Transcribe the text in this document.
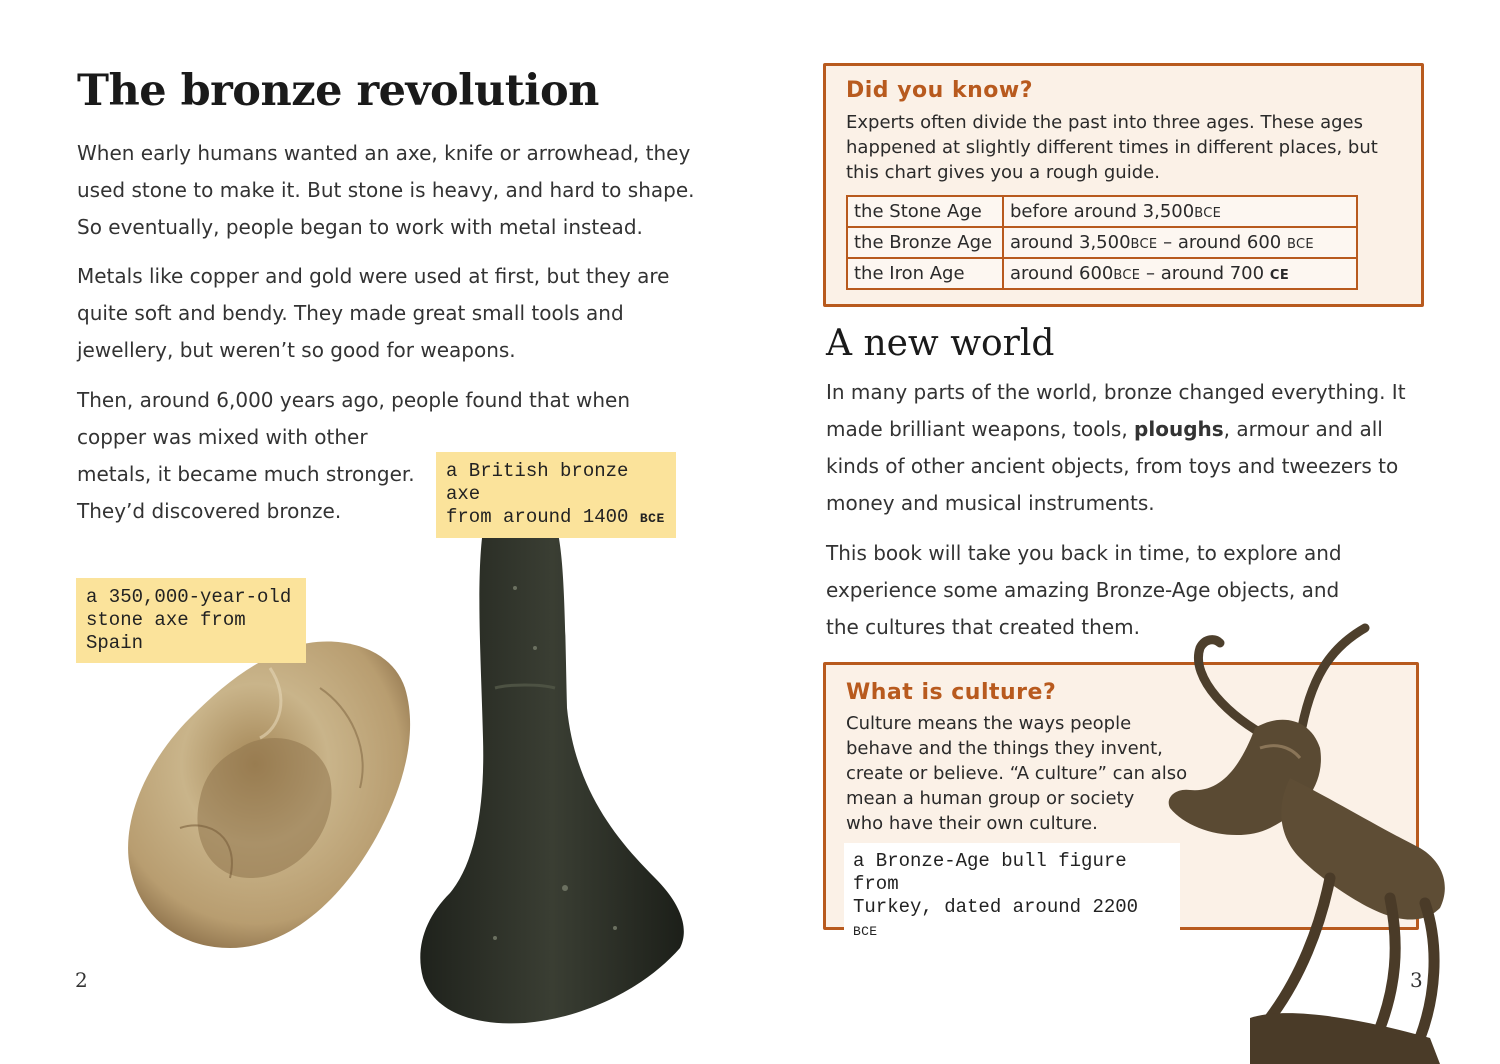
The bronze revolution
When early humans wanted an axe, knife or arrowhead, they used stone to make it. But stone is heavy, and hard to shape. So eventually, people began to work with metal instead.
Metals like copper and gold were used at first, but they are quite soft and bendy. They made great small tools and jewellery, but weren’t so good for weapons.
Then, around 6,000 years ago, people found that when
copper was mixed with other
metals, it became much stronger.
They’d discovered bronze.
a British bronze axe
from around 1400 BCE
a 350,000-year-old
stone axe from Spain
2
Did you know?
Experts often divide the past into three ages. These ages happened at slightly different times in different places, but this chart gives you a rough guide.
the Stone Age	before around 3,500BCE
the Bronze Age	around 3,500BCE – around 600 BCE
the Iron Age	around 600BCE – around 700 CE
A new world
In many parts of the world, bronze changed everything. It made brilliant weapons, tools, ploughs, armour and all kinds of other ancient objects, from toys and tweezers to money and musical instruments.
This book will take you back in time, to explore and experience some amazing Bronze-Age objects, and the cultures that created them.
What is culture?
Culture means the ways people
behave and the things they invent,
create or believe. “A culture” can also
mean a human group or society
who have their own culture.
a Bronze-Age bull figure from
Turkey, dated around 2200 BCE
3
